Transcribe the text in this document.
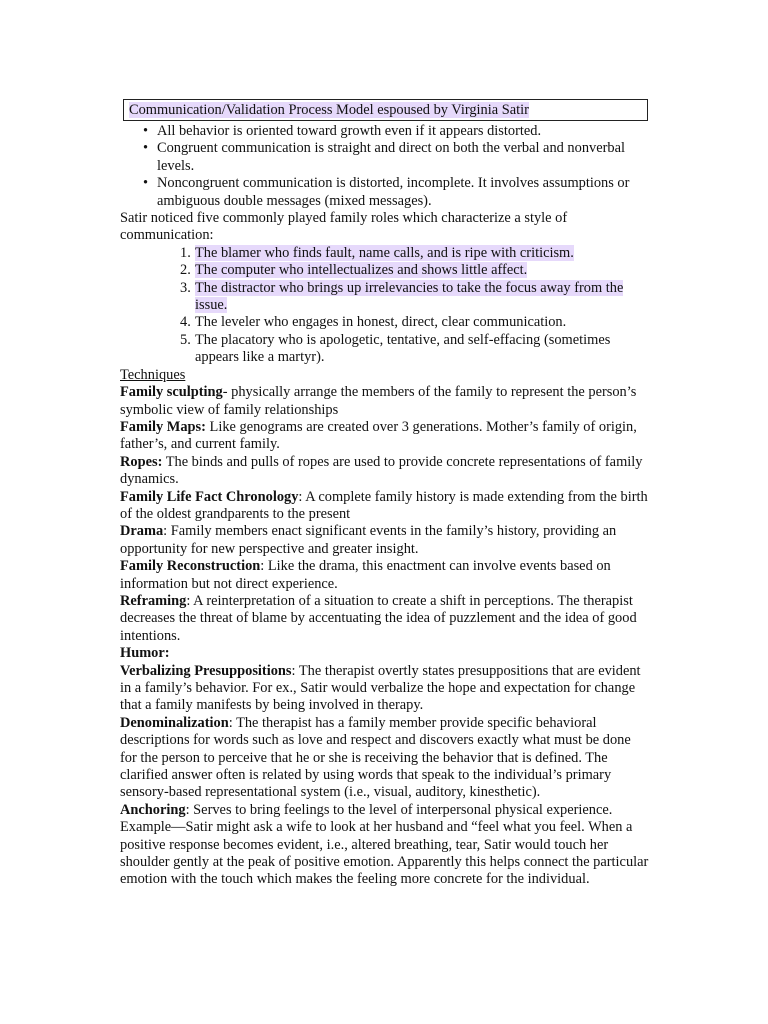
Communication/Validation Process Model espoused by Virginia Satir
• All behavior is oriented toward growth even if it appears distorted.
• Congruent communication is straight and direct on both the verbal and nonverbal levels.
• Noncongruent communication is distorted, incomplete. It involves assumptions or ambiguous double messages (mixed messages).

Satir noticed five commonly played family roles which characterize a style of communication:

1. The blamer who finds fault, name calls, and is ripe with criticism.
2. The computer who intellectualizes and shows little affect.
3. The distractor who brings up irrelevancies to take the focus away from the issue.
4. The leveler who engages in honest, direct, clear communication.
5. The placatory who is apologetic, tentative, and self-effacing (sometimes appears like a martyr).

Techniques

Family sculpting- physically arrange the members of the family to represent the person’s symbolic view of family relationships

Family Maps: Like genograms are created over 3 generations. Mother’s family of origin, father’s, and current family.

Ropes: The binds and pulls of ropes are used to provide concrete representations of family dynamics.

Family Life Fact Chronology: A complete family history is made extending from the birth of the oldest grandparents to the present

Drama: Family members enact significant events in the family’s history, providing an opportunity for new perspective and greater insight.

Family Reconstruction: Like the drama, this enactment can involve events based on information but not direct experience.

Reframing: A reinterpretation of a situation to create a shift in perceptions. The therapist decreases the threat of blame by accentuating the idea of puzzlement and the idea of good intentions.

Humor:

Verbalizing Presuppositions: The therapist overtly states presuppositions that are evident in a family’s behavior. For ex., Satir would verbalize the hope and expectation for change that a family manifests by being involved in therapy.

Denominalization: The therapist has a family member provide specific behavioral descriptions for words such as love and respect and discovers exactly what must be done for the person to perceive that he or she is receiving the behavior that is defined. The clarified answer often is related by using words that speak to the individual’s primary sensory-based representational system (i.e., visual, auditory, kinesthetic).

Anchoring: Serves to bring feelings to the level of interpersonal physical experience. Example—Satir might ask a wife to look at her husband and “feel what you feel. When a positive response becomes evident, i.e., altered breathing, tear, Satir would touch her shoulder gently at the peak of positive emotion. Apparently this helps connect the particular emotion with the touch which makes the feeling more concrete for the individual.
